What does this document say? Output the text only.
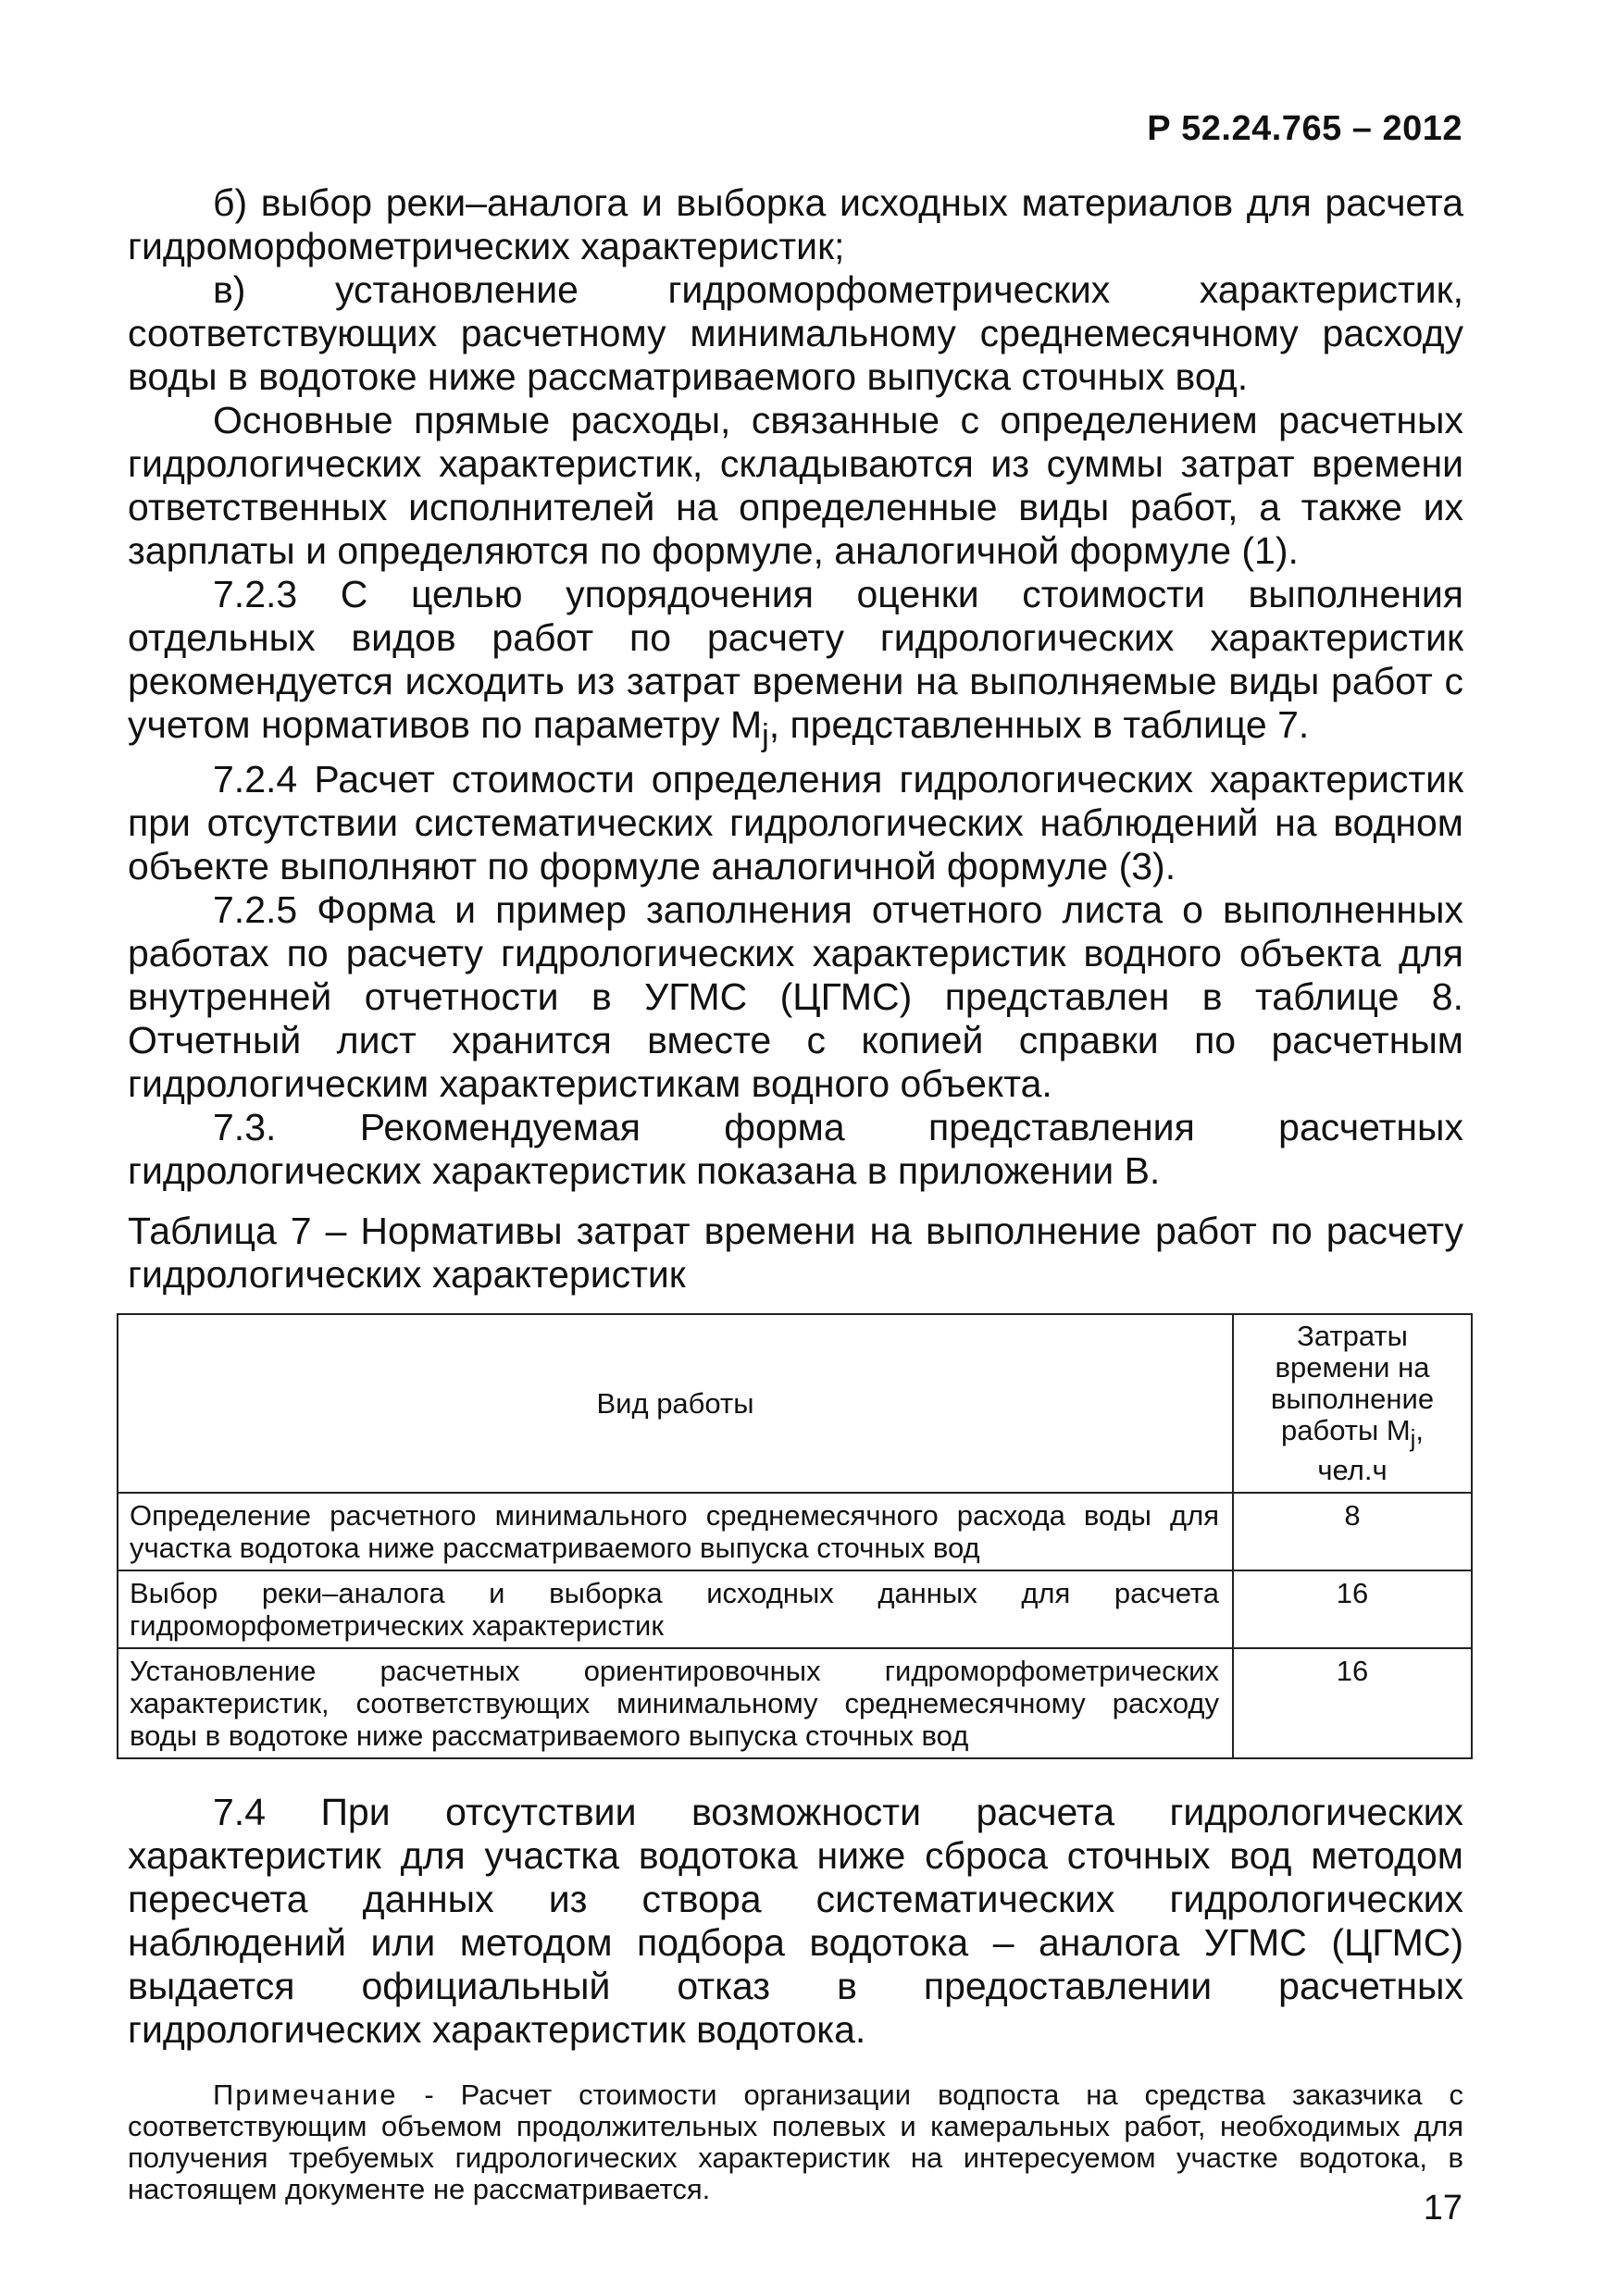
Р 52.24.765 – 2012

б) выбор реки–аналога и выборка исходных материалов для расчета гидроморфометрических характеристик;

в) установление гидроморфометрических характеристик, соответствующих расчетному минимальному среднемесячному расходу воды в водотоке ниже рассматриваемого выпуска сточных вод.

Основные прямые расходы, связанные с определением расчетных гидрологических характеристик, складываются из суммы затрат времени ответственных исполнителей на определенные виды работ, а также их зарплаты и определяются по формуле, аналогичной формуле (1).

7.2.3 С целью упорядочения оценки стоимости выполнения отдельных видов работ по расчету гидрологических характеристик рекомендуется исходить из затрат времени на выполняемые виды работ с учетом нормативов по параметру $М_j$, представленных в таблице 7.

7.2.4 Расчет стоимости определения гидрологических характеристик при отсутствии систематических гидрологических наблюдений на водном объекте выполняют по формуле аналогичной формуле (3).

7.2.5 Форма и пример заполнения отчетного листа о выполненных работах по расчету гидрологических характеристик водного объекта для внутренней отчетности в УГМС (ЦГМС) представлен в таблице 8. Отчетный лист хранится вместе с копией справки по расчетным гидрологическим характеристикам водного объекта.

7.3. Рекомендуемая форма представления расчетных гидрологических характеристик показана в приложении В.

Таблица 7 – Нормативы затрат времени на выполнение работ по расчету гидрологических характеристик

Вид работы	Затраты времени на выполнение работы $М_j$, чел.ч
Определение расчетного минимального среднемесячного расхода воды для участка водотока ниже рассматриваемого выпуска сточных вод	8
Выбор реки–аналога и выборка исходных данных для расчета гидроморфометрических характеристик	16
Установление расчетных ориентировочных гидроморфометрических характеристик, соответствующих минимальному среднемесячному расходу воды в водотоке ниже рассматриваемого выпуска сточных вод	16

7.4 При отсутствии возможности расчета гидрологических характеристик для участка водотока ниже сброса сточных вод методом пересчета данных из створа систематических гидрологических наблюдений или методом подбора водотока – аналога УГМС (ЦГМС) выдается официальный отказ в предоставлении расчетных гидрологических характеристик водотока.

Примечание - Расчет стоимости организации водпоста на средства заказчика с соответствующим объемом продолжительных полевых и камеральных работ, необходимых для получения требуемых гидрологических характеристик на интересуемом участке водотока, в настоящем документе не рассматривается.	17
